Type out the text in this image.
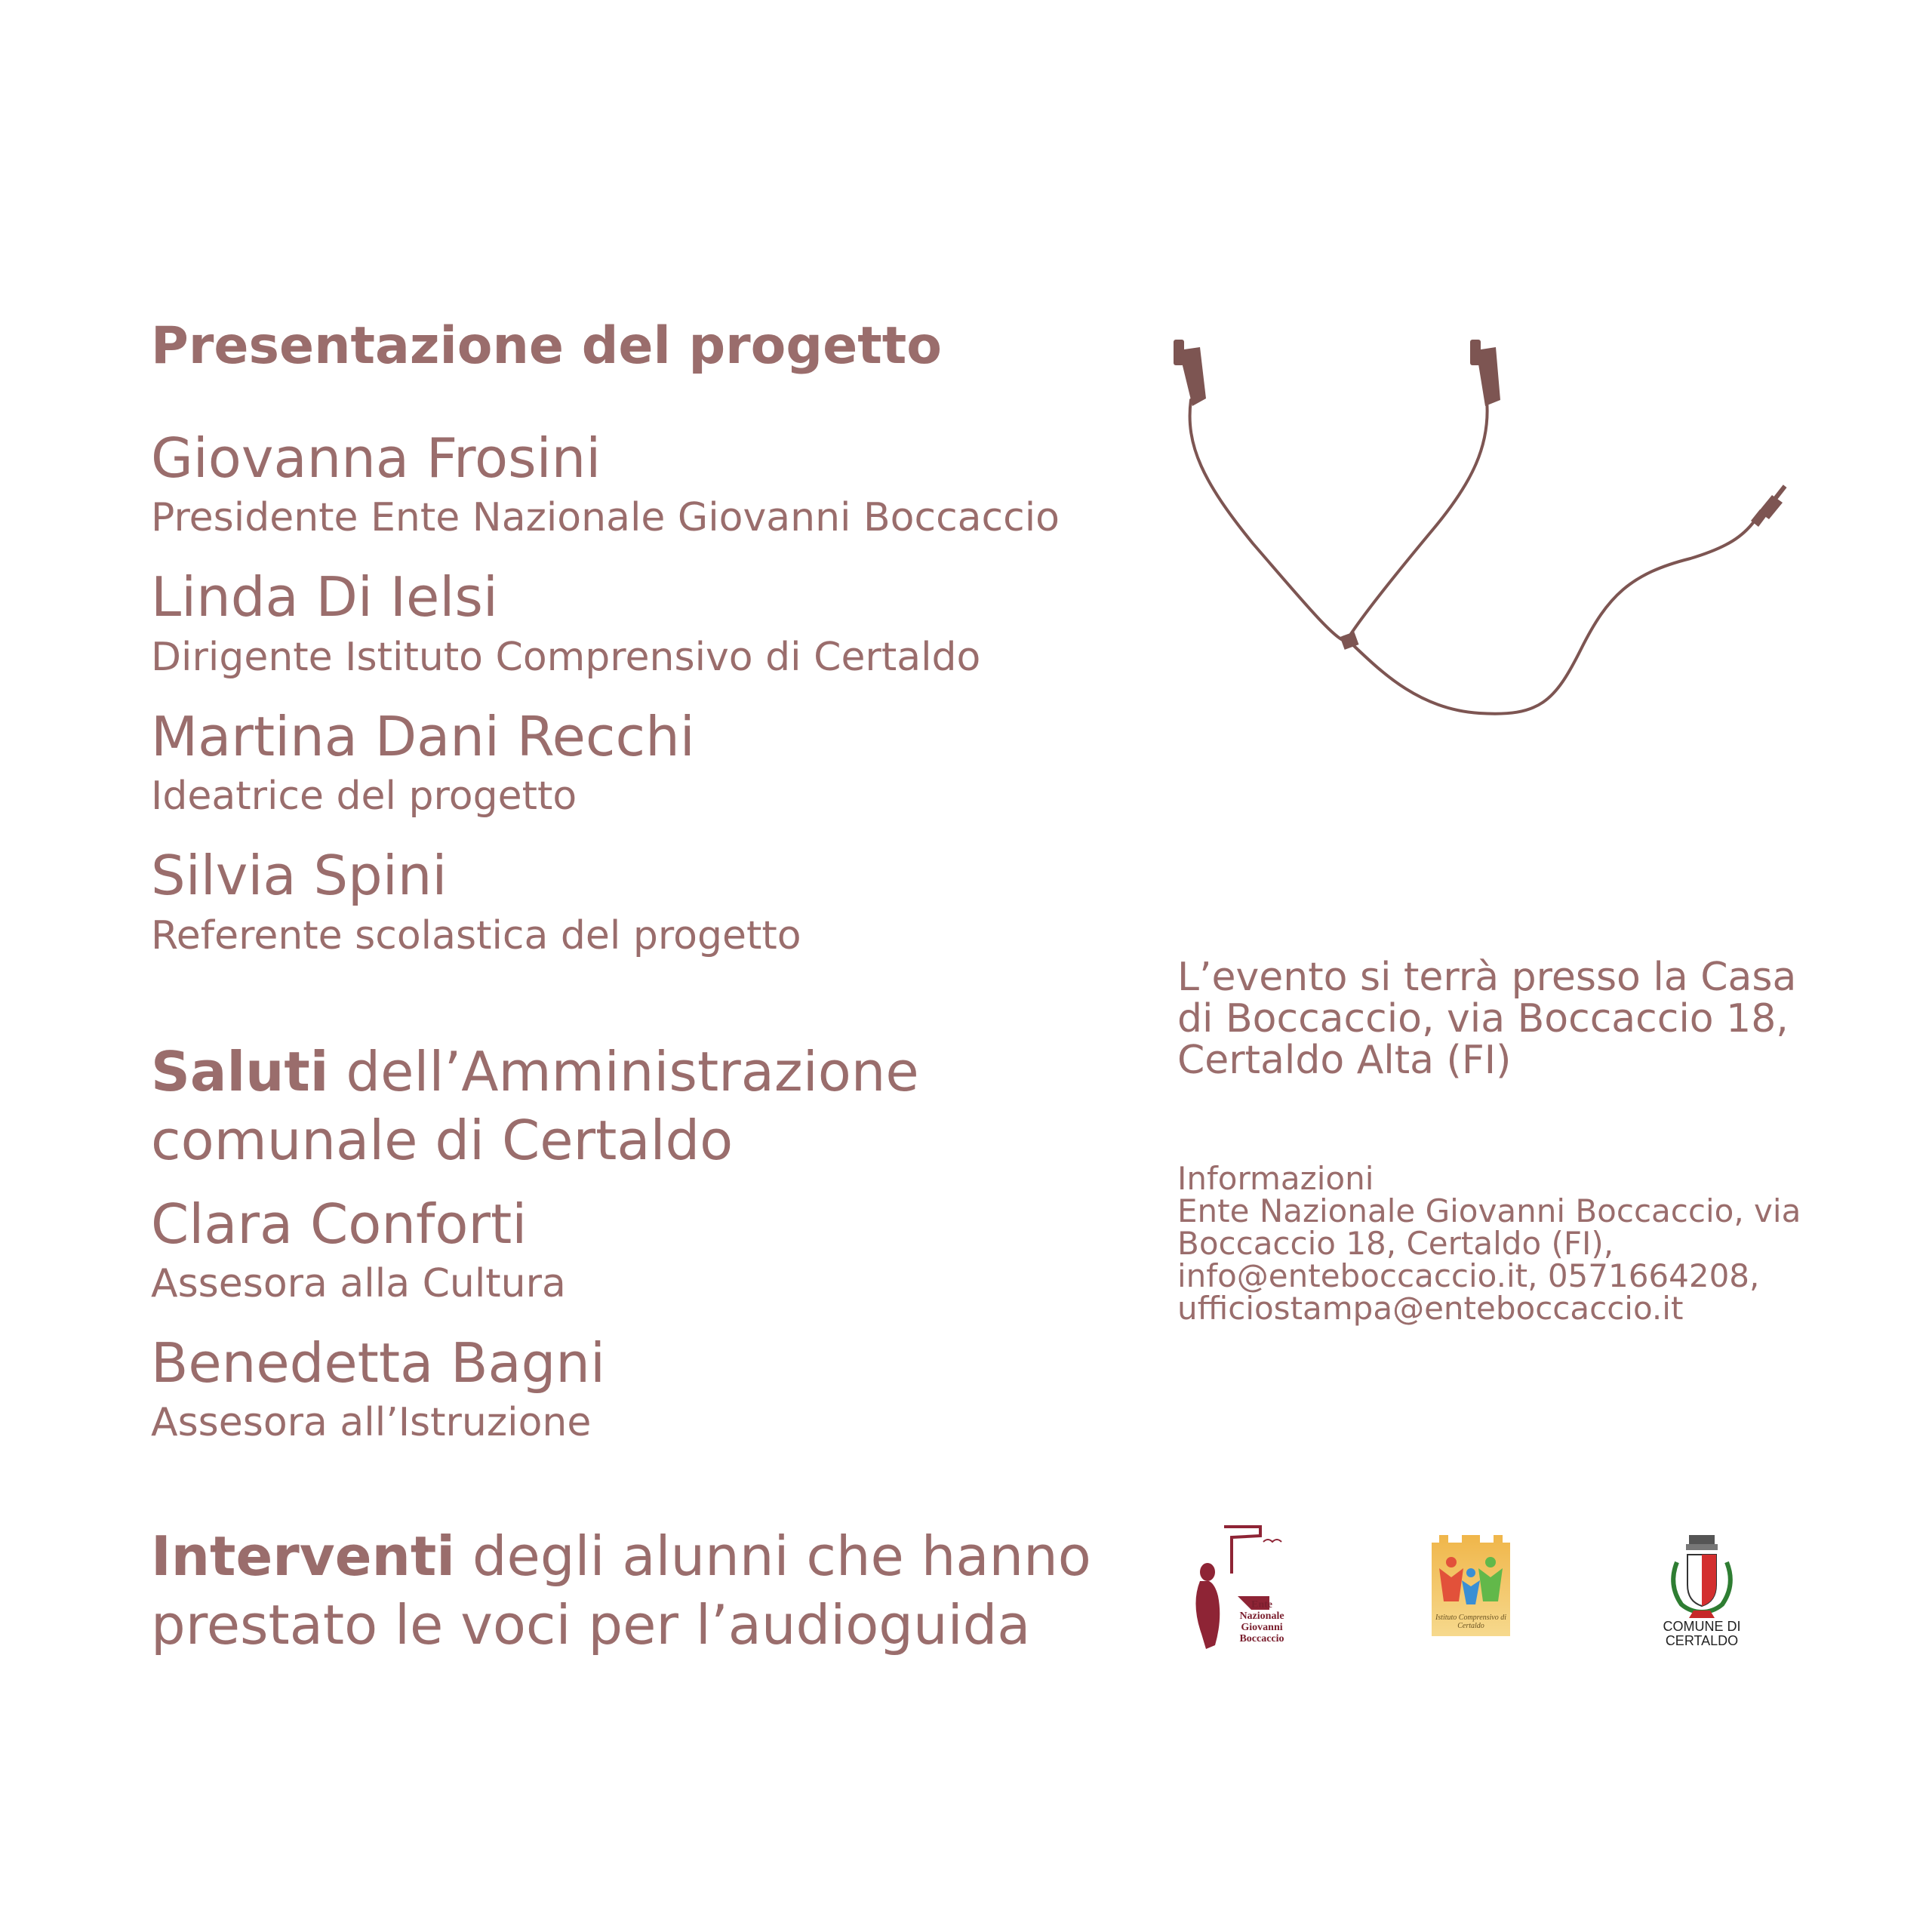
Presentazione del progetto
Giovanna Frosini
Presidente Ente Nazionale Giovanni Boccaccio
Linda Di Ielsi
Dirigente Istituto Comprensivo di Certaldo
Martina Dani Recchi
Ideatrice del progetto
Silvia Spini
Referente scolastica del progetto
Saluti dell’Amministrazione
comunale di Certaldo
Clara Conforti
Assesora alla Cultura
Benedetta Bagni
Assesora all’Istruzione
Interventi degli alunni che hanno
prestato le voci per l’audioguida
L’evento si terrà presso la Casa
di Boccaccio, via Boccaccio 18,
Certaldo Alta (FI)
Informazioni
Ente Nazionale Giovanni Boccaccio, via
Boccaccio 18, Certaldo (FI),
info@enteboccaccio.it, 0571664208,
ufficiostampa@enteboccaccio.it
Ente
Nazionale
Giovanni
Boccaccio
Istituto Comprensivo di Certaldo	COMUNE DI
CERTALDO
